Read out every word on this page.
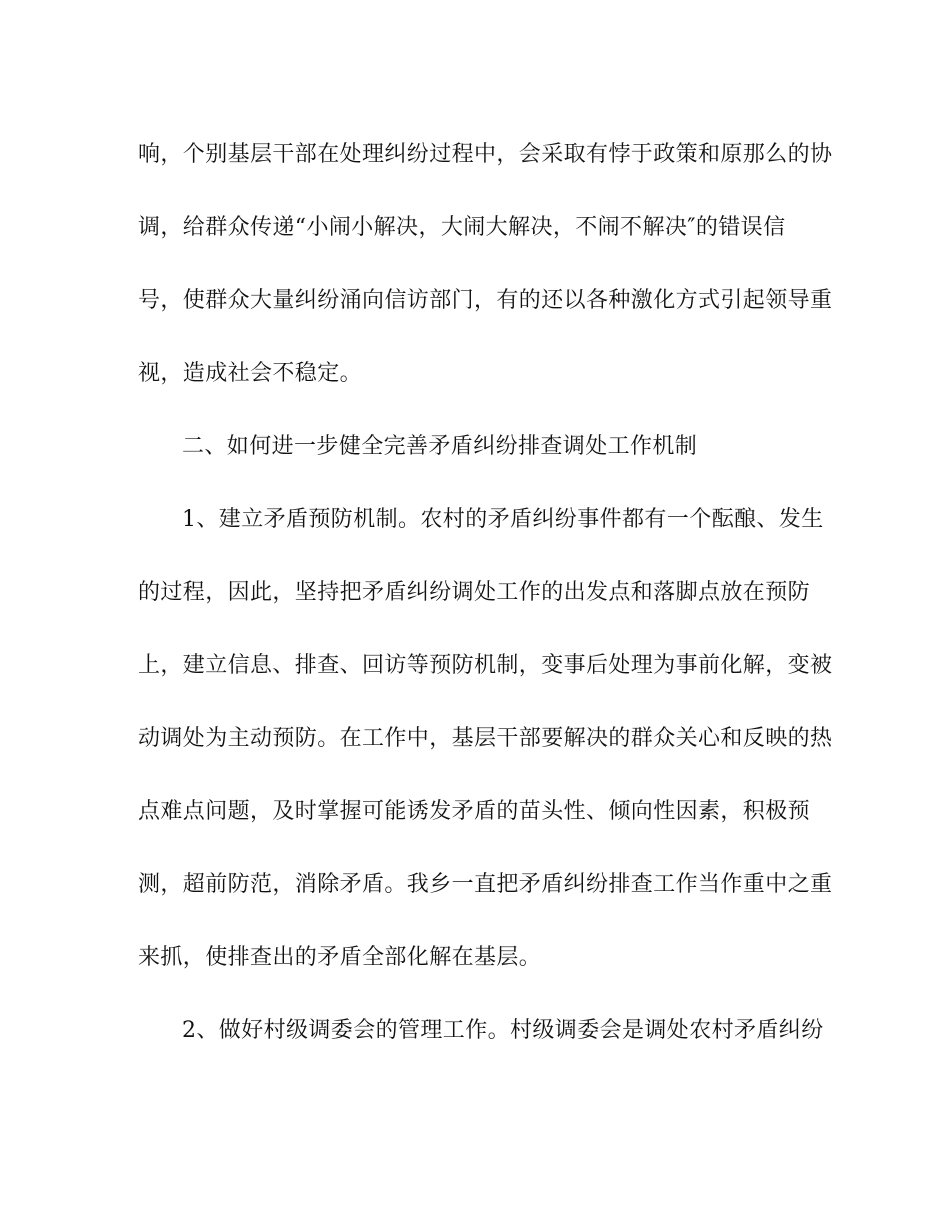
响，个别基层干部在处理纠纷过程中，会采取有悖于政策和原那么的协
调，给群众传递“小闹小解决，大闹大解决，不闹不解决″的错误信
号，使群众大量纠纷涌向信访部门，有的还以各种激化方式引起领导重
视，造成社会不稳定。
二、如何进一步健全完善矛盾纠纷排查调处工作机制
1、建立矛盾预防机制。农村的矛盾纠纷事件都有一个酝酿、发生
的过程，因此，坚持把矛盾纠纷调处工作的出发点和落脚点放在预防
上，建立信息、排查、回访等预防机制，变事后处理为事前化解，变被
动调处为主动预防。在工作中，基层干部要解决的群众关心和反映的热
点难点问题，及时掌握可能诱发矛盾的苗头性、倾向性因素，积极预
测，超前防范，消除矛盾。我乡一直把矛盾纠纷排查工作当作重中之重
来抓，使排查出的矛盾全部化解在基层。
2、做好村级调委会的管理工作。村级调委会是调处农村矛盾纠纷
